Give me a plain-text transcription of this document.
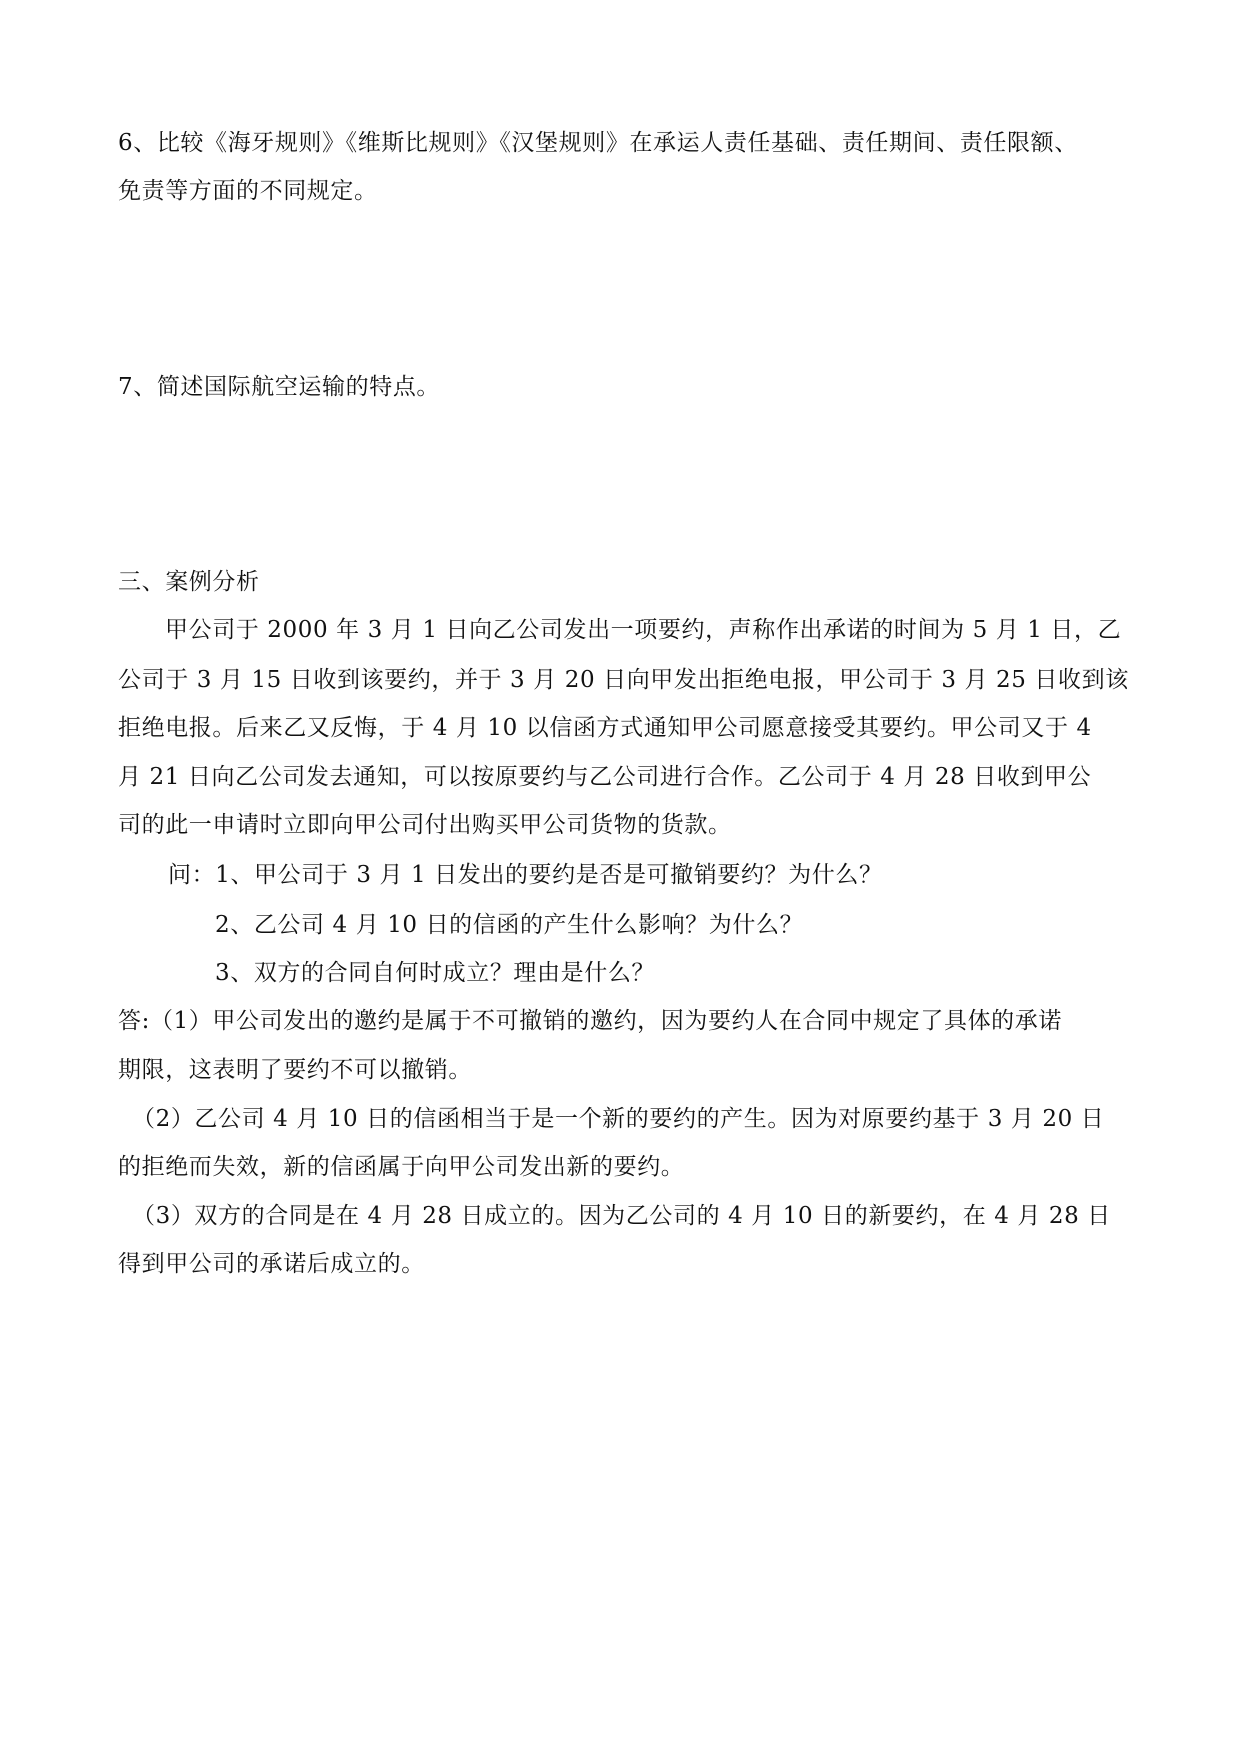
6、比较《海牙规则》《维斯比规则》《汉堡规则》在承运人责任基础、责任期间、责任限额、
免责等方面的不同规定。
7、简述国际航空运输的特点。
三、案例分析
甲公司于 2000 年 3 月 1 日向乙公司发出一项要约，声称作出承诺的时间为 5 月 1 日，乙
公司于 3 月 15 日收到该要约，并于 3 月 20 日向甲发出拒绝电报，甲公司于 3 月 25 日收到该
拒绝电报。后来乙又反悔，于 4 月 10 以信函方式通知甲公司愿意接受其要约。甲公司又于 4
月 21 日向乙公司发去通知，可以按原要约与乙公司进行合作。乙公司于 4 月 28 日收到甲公
司的此一申请时立即向甲公司付出购买甲公司货物的货款。
问：1、甲公司于 3 月 1 日发出的要约是否是可撤销要约？为什么？
2、乙公司 4 月 10 日的信函的产生什么影响？为什么？
3、双方的合同自何时成立？理由是什么？
答:（1）甲公司发出的邀约是属于不可撤销的邀约，因为要约人在合同中规定了具体的承诺
期限，这表明了要约不可以撤销。
（2）乙公司 4 月 10 日的信函相当于是一个新的要约的产生。因为对原要约基于 3 月 20 日
的拒绝而失效，新的信函属于向甲公司发出新的要约。
（3）双方的合同是在 4 月 28 日成立的。因为乙公司的 4 月 10 日的新要约，在 4 月 28 日
得到甲公司的承诺后成立的。
